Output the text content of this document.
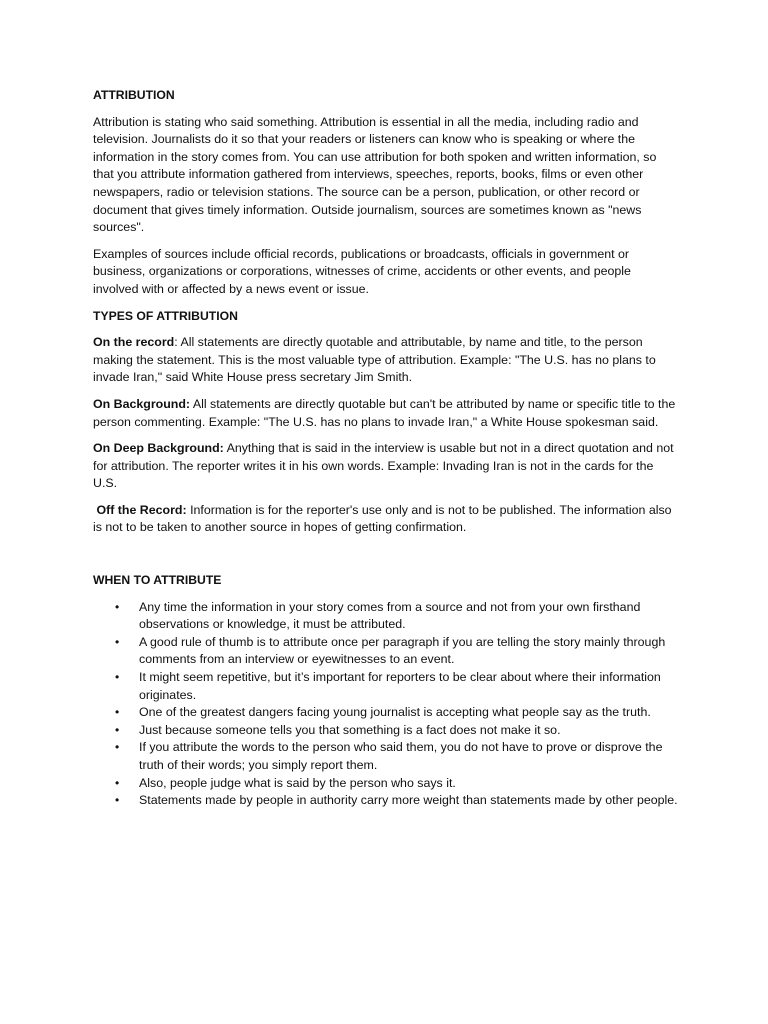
ATTRIBUTION

Attribution is stating who said something. Attribution is essential in all the media, including radio and television. Journalists do it so that your readers or listeners can know who is speaking or where the information in the story comes from. You can use attribution for both spoken and written information, so that you attribute information gathered from interviews, speeches, reports, books, films or even other newspapers, radio or television stations. The source can be a person, publication, or other record or document that gives timely information. Outside journalism, sources are sometimes known as "news sources".

Examples of sources include official records, publications or broadcasts, officials in government or business, organizations or corporations, witnesses of crime, accidents or other events, and people involved with or affected by a news event or issue.

TYPES OF ATTRIBUTION

On the record: All statements are directly quotable and attributable, by name and title, to the person making the statement. This is the most valuable type of attribution. Example: "The U.S. has no plans to invade Iran," said White House press secretary Jim Smith.

On Background: All statements are directly quotable but can't be attributed by name or specific title to the person commenting. Example: "The U.S. has no plans to invade Iran," a White House spokesman said.

On Deep Background: Anything that is said in the interview is usable but not in a direct quotation and not for attribution. The reporter writes it in his own words. Example: Invading Iran is not in the cards for the U.S.

Off the Record: Information is for the reporter's use only and is not to be published. The information also is not to be taken to another source in hopes of getting confirmation.

WHEN TO ATTRIBUTE
• Any time the information in your story comes from a source and not from your own firsthand observations or knowledge, it must be attributed.
• A good rule of thumb is to attribute once per paragraph if you are telling the story mainly through comments from an interview or eyewitnesses to an event.
• It might seem repetitive, but it’s important for reporters to be clear about where their information originates.
• One of the greatest dangers facing young journalist is accepting what people say as the truth.
• Just because someone tells you that something is a fact does not make it so.
• If you attribute the words to the person who said them, you do not have to prove or disprove the truth of their words; you simply report them.
• Also, people judge what is said by the person who says it.
• Statements made by people in authority carry more weight than statements made by other people.
